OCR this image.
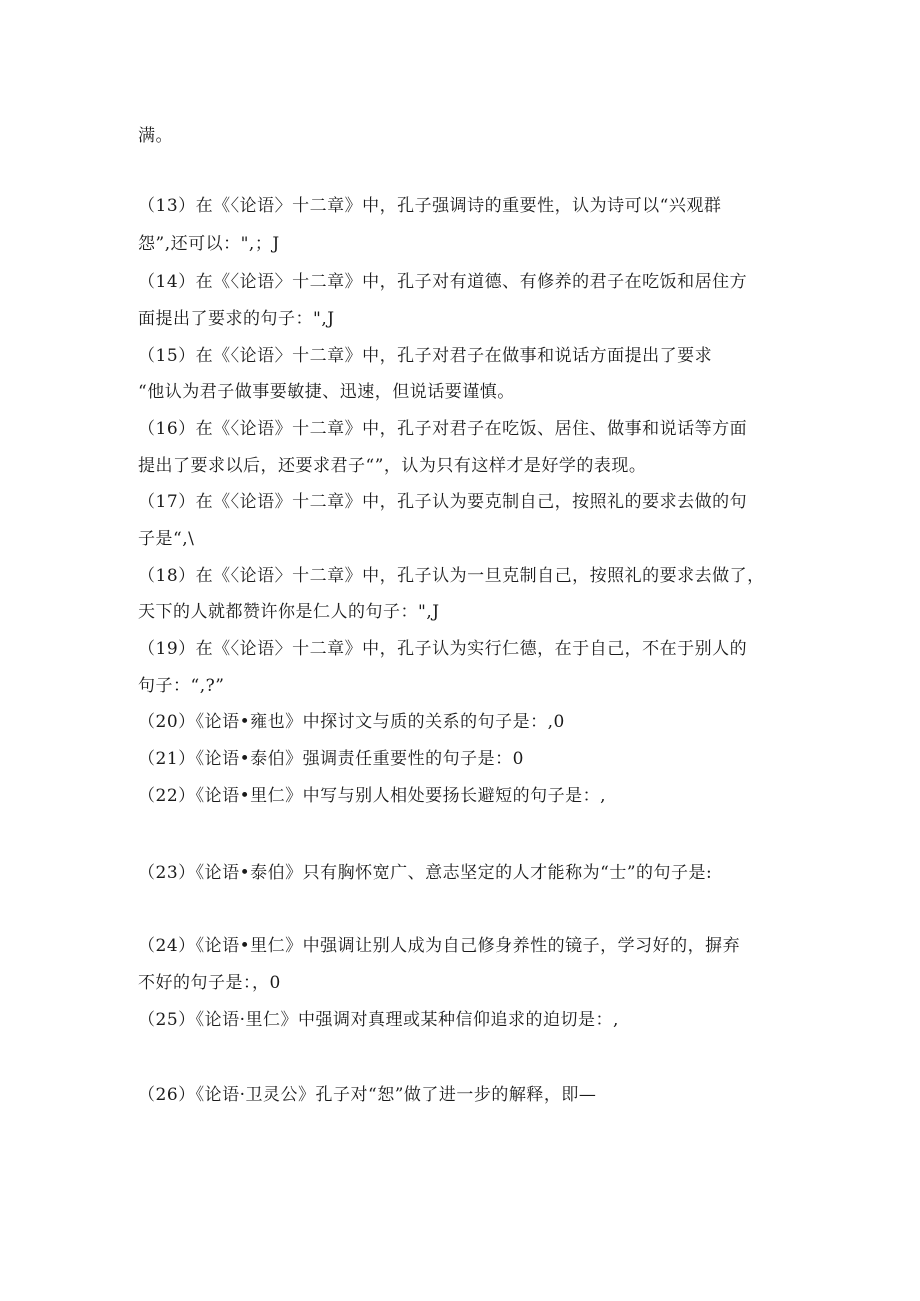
满。
（13）在《〈论语〉十二章》中，孔子强调诗的重要性，认为诗可以“兴观群
怨”,还可以：",；J
（14）在《〈论语〉十二章》中，孔子对有道德、有修养的君子在吃饭和居住方
面提出了要求的句子：",J
（15）在《〈论语〉十二章》中，孔子对君子在做事和说话方面提出了要求
“他认为君子做事要敏捷、迅速，但说话要谨慎。
（16）在《〈论语》十二章》中，孔子对君子在吃饭、居住、做事和说话等方面
提出了要求以后，还要求君子“”，认为只有这样才是好学的表现。
（17）在《〈论语》十二章》中，孔子认为要克制自己，按照礼的要求去做的句
子是“,\
（18）在《〈论语〉十二章》中，孔子认为一旦克制自己，按照礼的要求去做了，
天下的人就都赞许你是仁人的句子：",J
（19）在《〈论语〉十二章》中，孔子认为实行仁德，在于自己，不在于别人的
句子：“,?”
（20）《论语•雍也》中探讨文与质的关系的句子是：,0
（21）《论语•泰伯》强调责任重要性的句子是：0
（22）《论语•里仁》中写与别人相处要扬长避短的句子是：,
（23）《论语•泰伯》只有胸怀宽广、意志坚定的人才能称为“士”的句子是:
（24）《论语•里仁》中强调让别人成为自己修身养性的镜子，学习好的，摒弃
不好的句子是：，0
（25）《论语·里仁》中强调对真理或某种信仰追求的迫切是：,
（26）《论语·卫灵公》孔子对“恕”做了进一步的解释，即—
